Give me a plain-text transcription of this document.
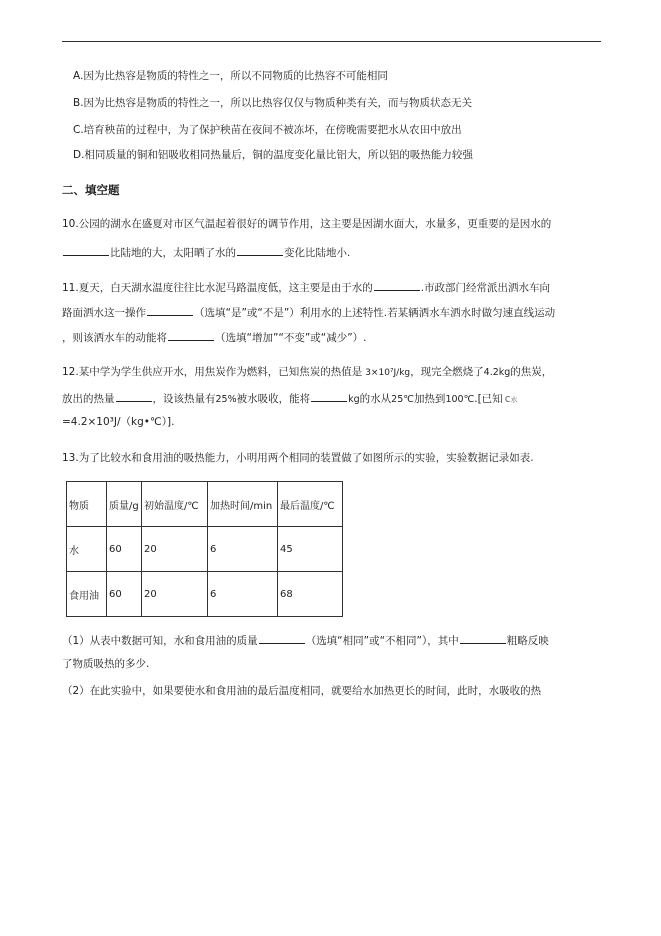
A.因为比热容是物质的特性之一，所以不同物质的比热容不可能相同
B.因为比热容是物质的特性之一，所以比热容仅仅与物质种类有关，而与物质状态无关
C.培育秧苗的过程中，为了保护秧苗在夜间不被冻坏，在傍晚需要把水从农田中放出
D.相同质量的铜和铝吸收相同热量后，铜的温度变化量比铝大，所以铝的吸热能力较强
二、填空题
10.公园的湖水在盛夏对市区气温起着很好的调节作用，这主要是因湖水面大，水量多，更重要的是因水的
比陆地的大，太阳晒了水的	变化比陆地小.
11.夏天，白天湖水温度往往比水泥马路温度低，这主要是由于水的	.市政部门经常派出洒水车向
路面洒水这一操作	（选填“是”或“不是”）利用水的上述特性.若某辆洒水车洒水时做匀速直线运动
，则该洒水车的动能将	（选填“增加”“不变”或“减少”）.
12.某中学为学生供应开水，用焦炭作为燃料，已知焦炭的热值是 3×10⁷J/kg，现完全燃烧了4.2kg的焦炭，
放出的热量	，设该热量有25%被水吸收，能将	kg的水从25℃加热到100℃.[已知 c水
=4.2×10³J/（kg•℃）].
13.为了比较水和食用油的吸热能力，小明用两个相同的装置做了如图所示的实验，实验数据记录如表.
物质	质量/g	初始温度/℃	加热时间/min	最后温度/℃
水	60	20	6	45
食用油	60	20	6	68
（1）从表中数据可知，水和食用油的质量	（选填“相同”或“不相同”），其中	粗略反映
了物质吸热的多少.
（2）在此实验中，如果要使水和食用油的最后温度相同，就要给水加热更长的时间，此时，水吸收的热
